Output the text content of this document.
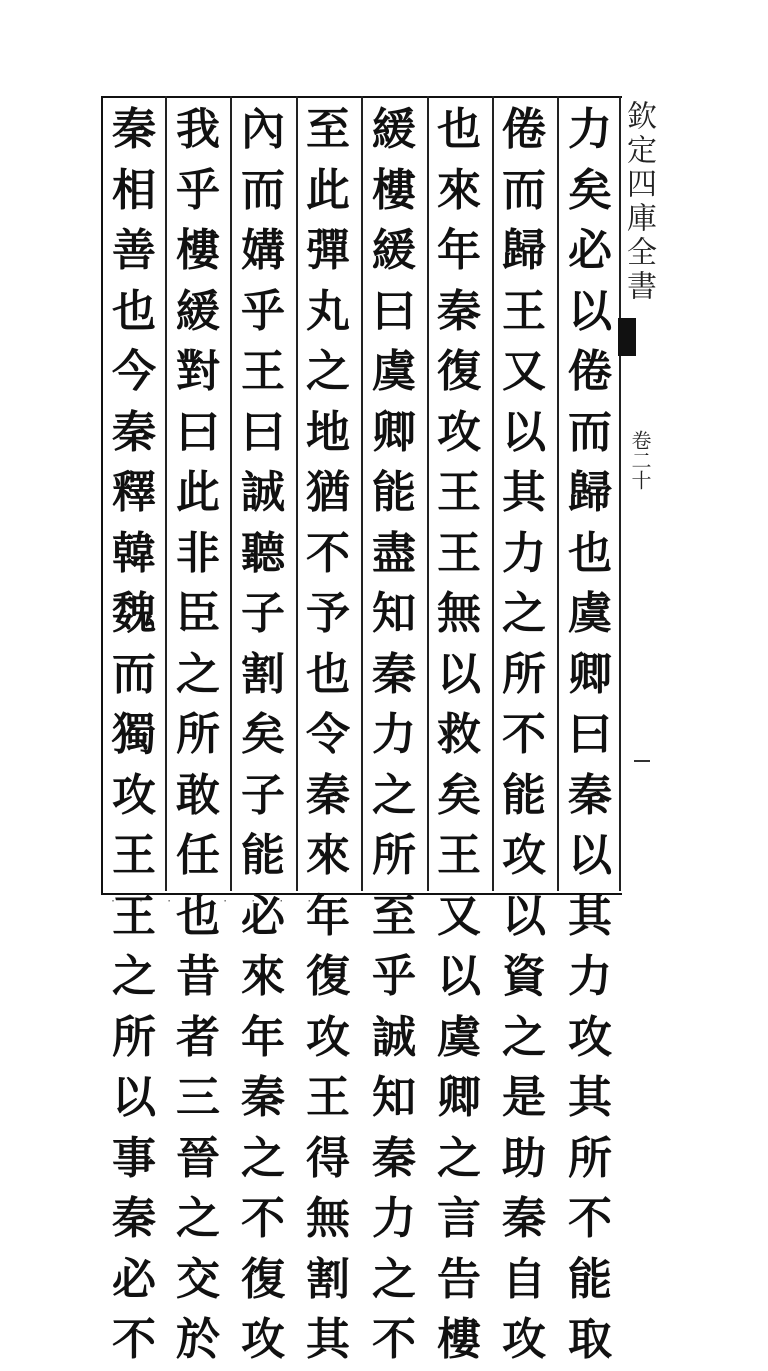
力
矣
必
以
倦
而
歸
也
虞
卿
曰
秦
以
其
力
攻
其
所
不
能
取
倦
而
歸
王
又
以
其
力
之
所
不
能
攻
以
資
之
是
助
秦
自
攻
也
來
年
秦
復
攻
王
王
無
以
救
矣
王
又
以
虞
卿
之
言
告
樓
緩
樓
緩
曰
虞
卿
能
盡
知
秦
力
之
所
至
乎
誠
知
秦
力
之
不
至
此
彈
丸
之
地
猶
不
予
也
令
秦
來
年
復
攻
王
得
無
割
其
內
而
媾
乎
王
曰
誠
聽
子
割
矣
子
能
必
來
年
秦
之
不
復
攻
我
乎
樓
緩
對
曰
此
非
臣
之
所
敢
任
也
昔
者
三
晉
之
交
於
秦
相
善
也
今
秦
釋
韓
魏
而
獨
攻
王
王
之
所
以
事
秦
必
不
欽定四庫全書
卷二十
· · · · · · · · ·
